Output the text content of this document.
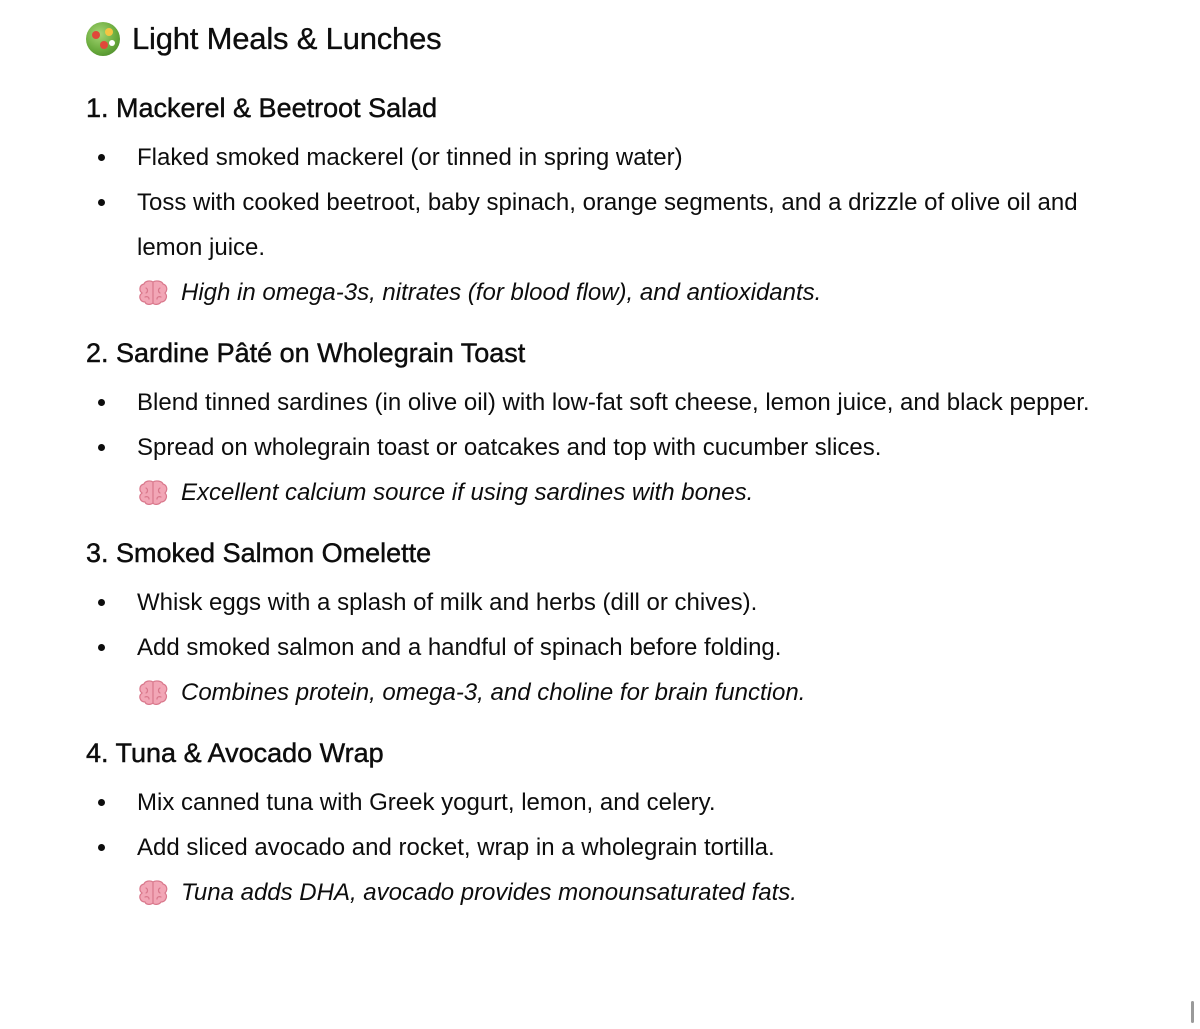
Light Meals & Lunches
1. Mackerel & Beetroot Salad
Flaked smoked mackerel (or tinned in spring water)
Toss with cooked beetroot, baby spinach, orange segments, and a drizzle of olive oil and lemon juice.
High in omega-3s, nitrates (for blood flow), and antioxidants.
2. Sardine Pâté on Wholegrain Toast
Blend tinned sardines (in olive oil) with low-fat soft cheese, lemon juice, and black pepper.
Spread on wholegrain toast or oatcakes and top with cucumber slices.
Excellent calcium source if using sardines with bones.
3. Smoked Salmon Omelette
Whisk eggs with a splash of milk and herbs (dill or chives).
Add smoked salmon and a handful of spinach before folding.
Combines protein, omega-3, and choline for brain function.
4. Tuna & Avocado Wrap
Mix canned tuna with Greek yogurt, lemon, and celery.
Add sliced avocado and rocket, wrap in a wholegrain tortilla.
Tuna adds DHA, avocado provides monounsaturated fats.
